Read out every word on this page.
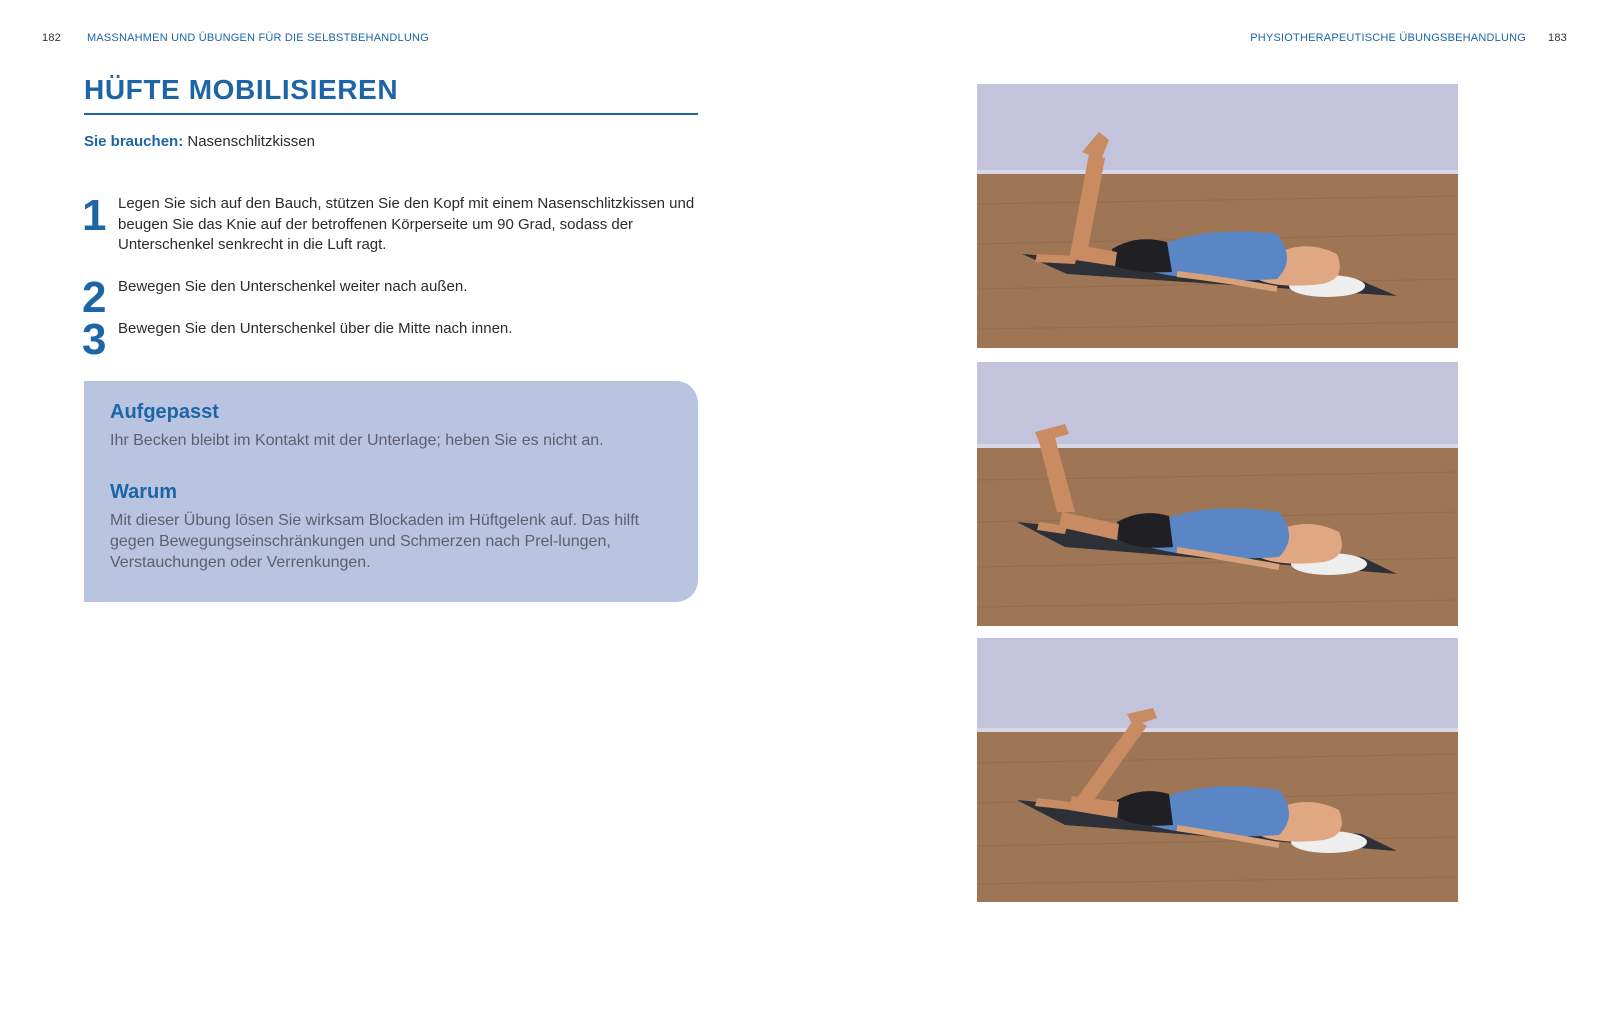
182 MASSNAHMEN UND ÜBUNGEN FÜR DIE SELBSTBEHANDLUNG	PHYSIOTHERAPEUTISCHE ÜBUNGSBEHANDLUNG 183
HÜFTE MOBILISIEREN
Sie brauchen: Nasenschlitzkissen
1 Legen Sie sich auf den Bauch, stützen Sie den Kopf mit einem Nasenschlitzkissen und beugen Sie das Knie auf der betroffenen Körperseite um 90 Grad, sodass der Unterschenkel senkrecht in die Luft ragt.
2 Bewegen Sie den Unterschenkel weiter nach außen.
3 Bewegen Sie den Unterschenkel über die Mitte nach innen.
Aufgepasst
Ihr Becken bleibt im Kontakt mit der Unterlage; heben Sie es nicht an.
Warum
Mit dieser Übung lösen Sie wirksam Blockaden im Hüftgelenk auf. Das hilft gegen Bewegungseinschränkungen und Schmerzen nach Prel-lungen, Verstauchungen oder Verrenkungen.
